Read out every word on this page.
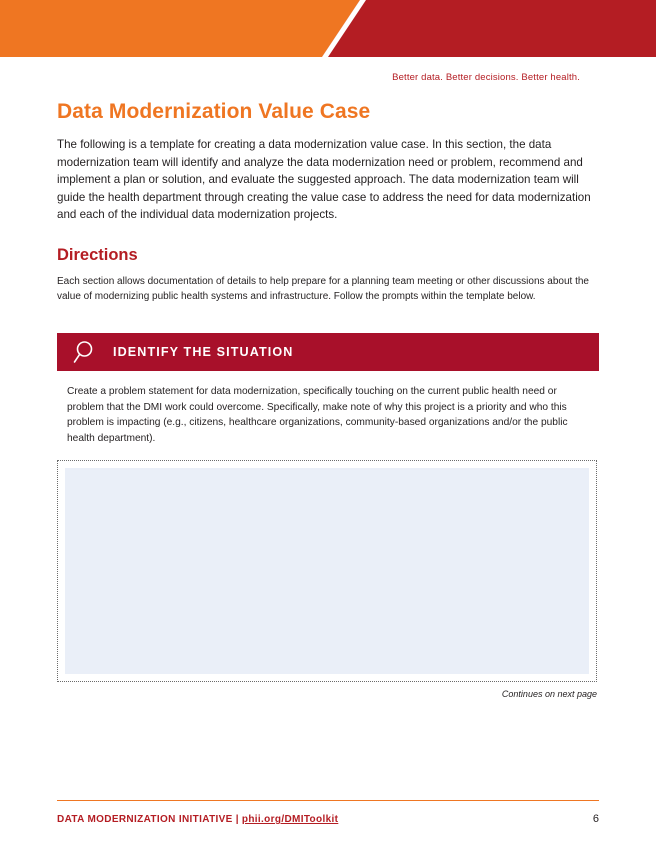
Better data. Better decisions. Better health.
Data Modernization Value Case

The following is a template for creating a data modernization value case. In this section, the data modernization team will identify and analyze the data modernization need or problem, recommend and implement a plan or solution, and evaluate the suggested approach. The data modernization team will guide the health department through creating the value case to address the need for data modernization and each of the individual data modernization projects.

Directions

Each section allows documentation of details to help prepare for a planning team meeting or other discussions about the value of modernizing public health systems and infrastructure. Follow the prompts within the template below.

IDENTIFY THE SITUATION

Create a problem statement for data modernization, specifically touching on the current public health need or problem that the DMI work could overcome. Specifically, make note of why this project is a priority and who this problem is impacting (e.g., citizens, healthcare organizations, community-based organizations and/or the public health department).

Continues on next page
DATA MODERNIZATION INITIATIVE | phii.org/DMIToolkit	6
